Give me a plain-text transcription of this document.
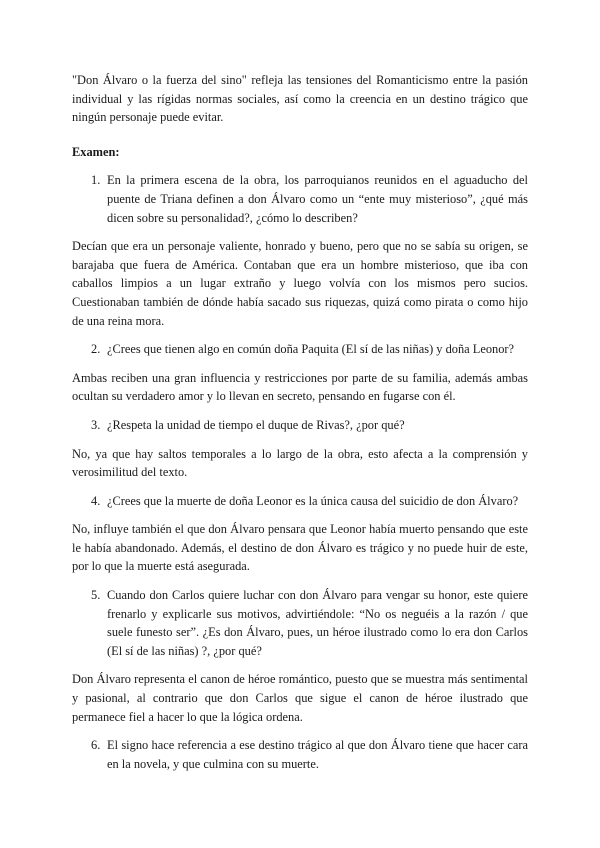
"Don Álvaro o la fuerza del sino" refleja las tensiones del Romanticismo entre la pasión individual y las rígidas normas sociales, así como la creencia en un destino trágico que ningún personaje puede evitar.

Examen:

1. En la primera escena de la obra, los parroquianos reunidos en el aguaducho del puente de Triana definen a don Álvaro como un “ente muy misterioso”, ¿qué más dicen sobre su personalidad?, ¿cómo lo describen?

Decían que era un personaje valiente, honrado y bueno, pero que no se sabía su origen, se barajaba que fuera de América. Contaban que era un hombre misterioso, que iba con caballos limpios a un lugar extraño y luego volvía con los mismos pero sucios. Cuestionaban también de dónde había sacado sus riquezas, quizá como pirata o como hijo de una reina mora.

2. ¿Crees que tienen algo en común doña Paquita (El sí de las niñas) y doña Leonor?

Ambas reciben una gran influencia y restricciones por parte de su familia, además ambas ocultan su verdadero amor y lo llevan en secreto, pensando en fugarse con él.

3. ¿Respeta la unidad de tiempo el duque de Rivas?, ¿por qué?

No, ya que hay saltos temporales a lo largo de la obra, esto afecta a la comprensión y verosimilitud del texto.

4. ¿Crees que la muerte de doña Leonor es la única causa del suicidio de don Álvaro?

No, influye también el que don Álvaro pensara que Leonor había muerto pensando que este le había abandonado. Además, el destino de don Álvaro es trágico y no puede huir de este, por lo que la muerte está asegurada.

5. Cuando don Carlos quiere luchar con don Álvaro para vengar su honor, este quiere frenarlo y explicarle sus motivos, advirtiéndole: “No os neguéis a la razón / que suele funesto ser”. ¿Es don Álvaro, pues, un héroe ilustrado como lo era don Carlos (El sí de las niñas) ?, ¿por qué?

Don Álvaro representa el canon de héroe romántico, puesto que se muestra más sentimental y pasional, al contrario que don Carlos que sigue el canon de héroe ilustrado que permanece fiel a hacer lo que la lógica ordena.

6. El signo hace referencia a ese destino trágico al que don Álvaro tiene que hacer cara en la novela, y que culmina con su muerte.
